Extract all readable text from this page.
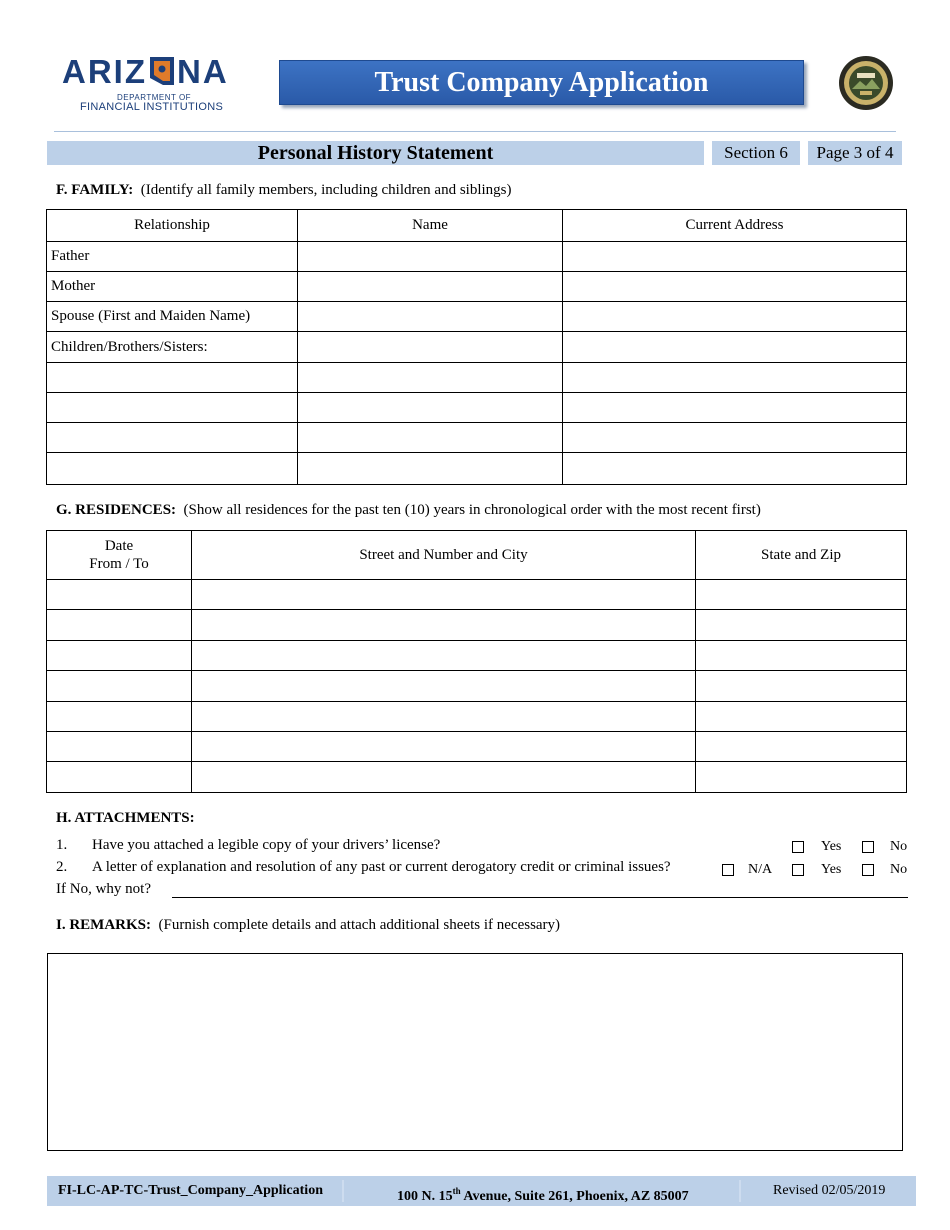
ARIZ NA
DEPARTMENT OF
FINANCIAL INSTITUTIONS
Trust Company Application
Personal History Statement	Section 6	Page 3 of 4
F. FAMILY: (Identify all family members, including children and siblings)
Relationship	Name	Current Address
Father		
Mother		
Spouse (First and Maiden Name)		
Children/Brothers/Sisters:		

G. RESIDENCES: (Show all residences for the past ten (10) years in chronological order with the most recent first)
Date
From / To	Street and Number and City	State and Zip

H. ATTACHMENTS:
1. Have you attached a legible copy of your drivers’ license?	Yes	No
2. A letter of explanation and resolution of any past or current derogatory credit or criminal issues?	N/A	Yes	No
If No, why not?
I. REMARKS: (Furnish complete details and attach additional sheets if necessary)
FI-LC-AP-TC-Trust_Company_Application	100 N. 15th Avenue, Suite 261, Phoenix, AZ 85007	Revised 02/05/2019
